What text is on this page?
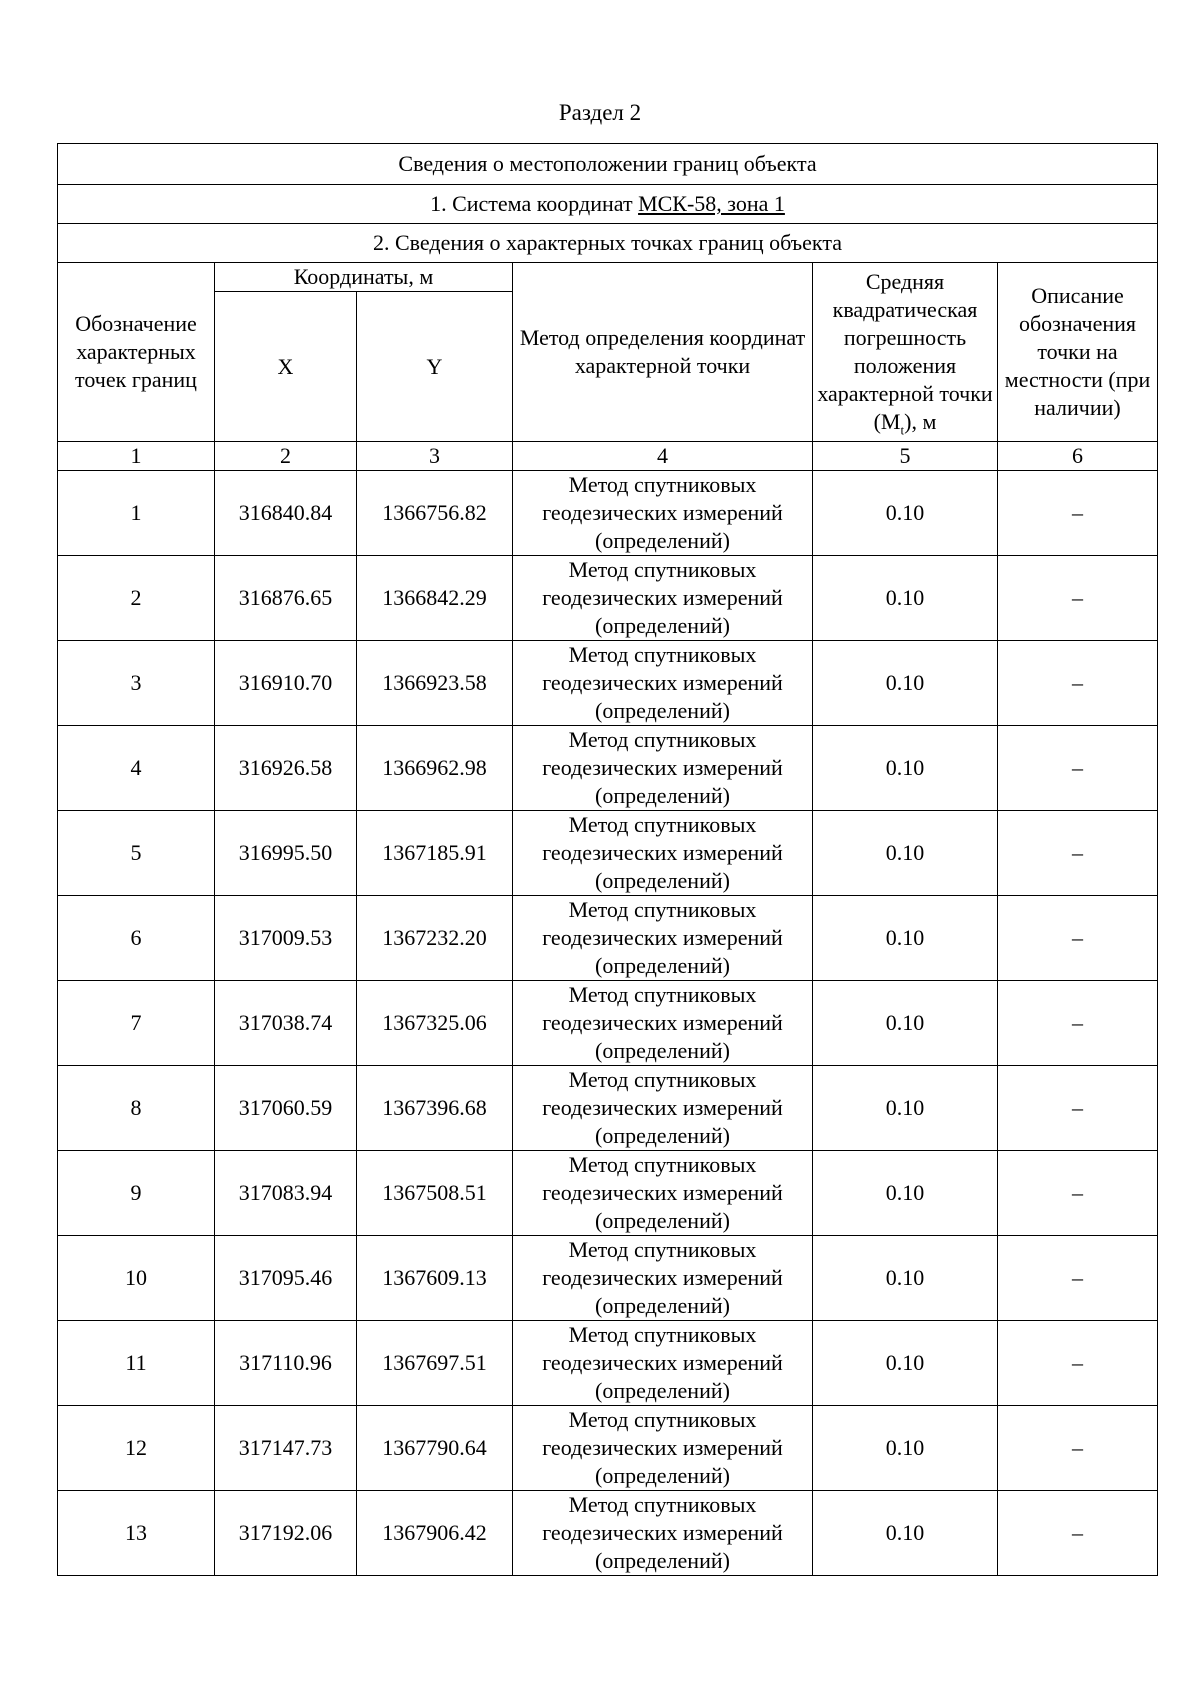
Раздел 2
Сведения о местоположении границ объекта					
1. Система координат МСК-58, зона 1					
2. Сведения о характерных точках границ объекта					
Обозначение характерных точек границ	Координаты, м		Метод определения координат характерной точки	Средняя квадратическая погрешность положения характерной точки $(M_t)$, м	Описание обозначения точки на местности (при наличии)
	X	Y			
1	2	3	4	5	6
1	316840.84	1366756.82	Метод спутниковых геодезических измерений (определений)	0.10	–
2	316876.65	1366842.29	Метод спутниковых геодезических измерений (определений)	0.10	–
3	316910.70	1366923.58	Метод спутниковых геодезических измерений (определений)	0.10	–
4	316926.58	1366962.98	Метод спутниковых геодезических измерений (определений)	0.10	–
5	316995.50	1367185.91	Метод спутниковых геодезических измерений (определений)	0.10	–
6	317009.53	1367232.20	Метод спутниковых геодезических измерений (определений)	0.10	–
7	317038.74	1367325.06	Метод спутниковых геодезических измерений (определений)	0.10	–
8	317060.59	1367396.68	Метод спутниковых геодезических измерений (определений)	0.10	–
9	317083.94	1367508.51	Метод спутниковых геодезических измерений (определений)	0.10	–
10	317095.46	1367609.13	Метод спутниковых геодезических измерений (определений)	0.10	–
11	317110.96	1367697.51	Метод спутниковых геодезических измерений (определений)	0.10	–
12	317147.73	1367790.64	Метод спутниковых геодезических измерений (определений)	0.10	–
13	317192.06	1367906.42	Метод спутниковых геодезических измерений (определений)	0.10	–
